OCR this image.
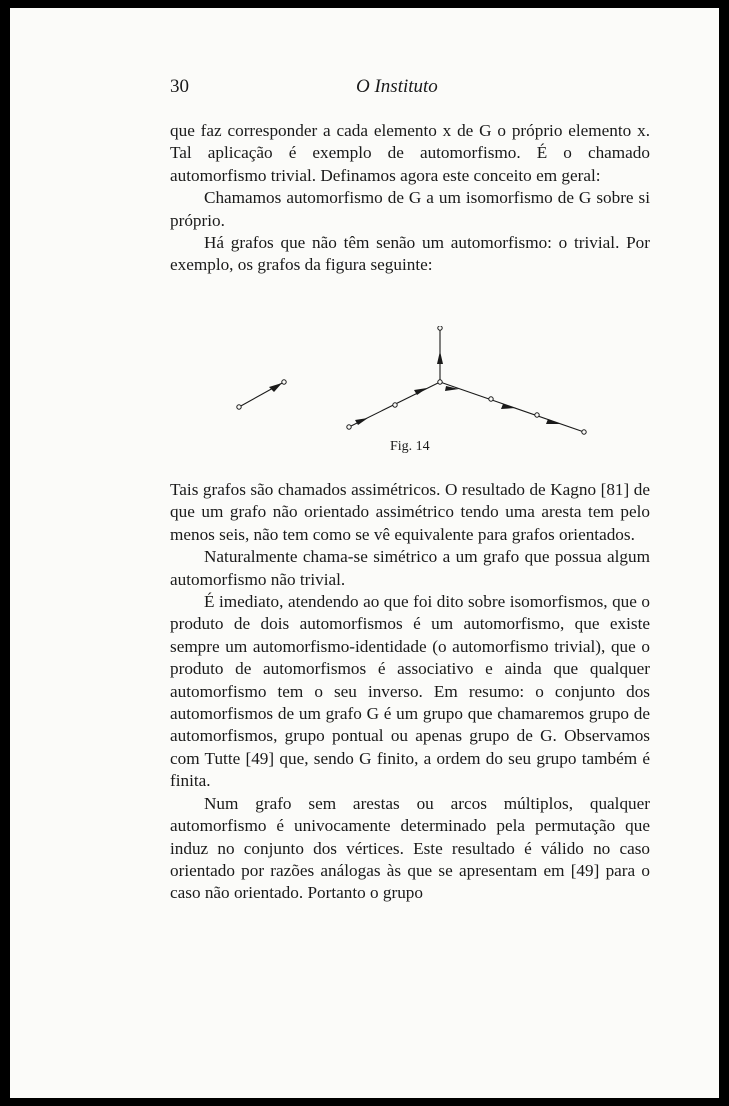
30	O Instituto

que faz corresponder a cada elemento x de G o próprio elemento x. Tal aplicação é exemplo de automorfismo. É o chamado automorfismo trivial. Definamos agora este conceito em geral:

Chamamos automorfismo de G a um isomorfismo de G sobre si próprio.

Há grafos que não têm senão um automorfismo: o trivial. Por exemplo, os grafos da figura seguinte:

Fig. 14

Tais grafos são chamados assimétricos. O resultado de Kagno [81] de que um grafo não orientado assimétrico tendo uma aresta tem pelo menos seis, não tem como se vê equivalente para grafos orientados.

Naturalmente chama-se simétrico a um grafo que possua algum automorfismo não trivial.

É imediato, atendendo ao que foi dito sobre isomorfismos, que o produto de dois automorfismos é um automorfismo, que existe sempre um automorfismo-identidade (o automorfismo trivial), que o produto de automorfismos é associativo e ainda que qualquer automorfismo tem o seu inverso. Em resumo: o conjunto dos automorfismos de um grafo G é um grupo que chamaremos grupo de automorfismos, grupo pontual ou apenas grupo de G. Observamos com Tutte [49] que, sendo G finito, a ordem do seu grupo também é finita.

Num grafo sem arestas ou arcos múltiplos, qualquer automorfismo é univocamente determinado pela permutação que induz no conjunto dos vértices. Este resultado é válido no caso orientado por razões análogas às que se apresentam em [49] para o caso não orientado. Portanto o grupo
